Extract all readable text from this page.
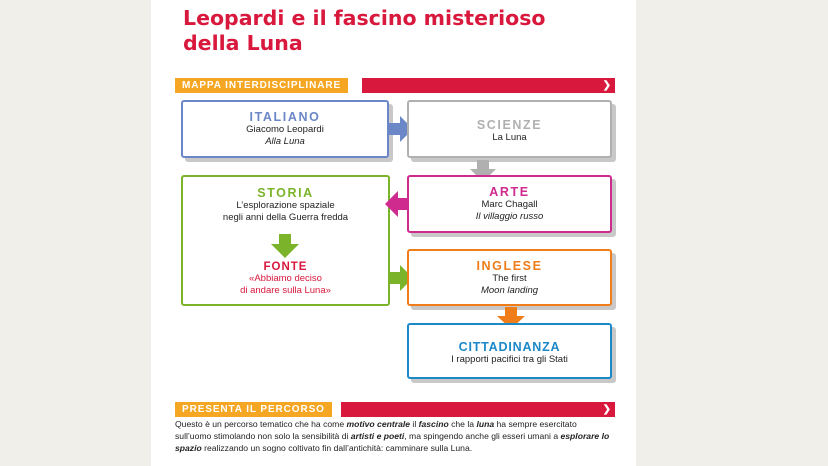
Leopardi e il fascino misterioso
della Luna
MAPPA INTERDISCIPLINARE	❯
ITALIANO
Giacomo Leopardi
Alla Luna
SCIENZE
La Luna
STORIA
L’esplorazione spaziale
negli anni della Guerra fredda
FONTE
«Abbiamo deciso
di andare sulla Luna»
ARTE
Marc Chagall
Il villaggio russo
INGLESE
The first
Moon landing
CITTADINANZA
I rapporti pacifici tra gli Stati
PRESENTA IL PERCORSO	❯
Questo è un percorso tematico che ha come motivo centrale il fascino che la luna ha sempre esercitato sull’uomo stimolando non solo la sensibilità di artisti e poeti, ma spingendo anche gli esseri umani a esplorare lo spazio realizzando un sogno coltivato fin dall’antichità: camminare sulla Luna.
